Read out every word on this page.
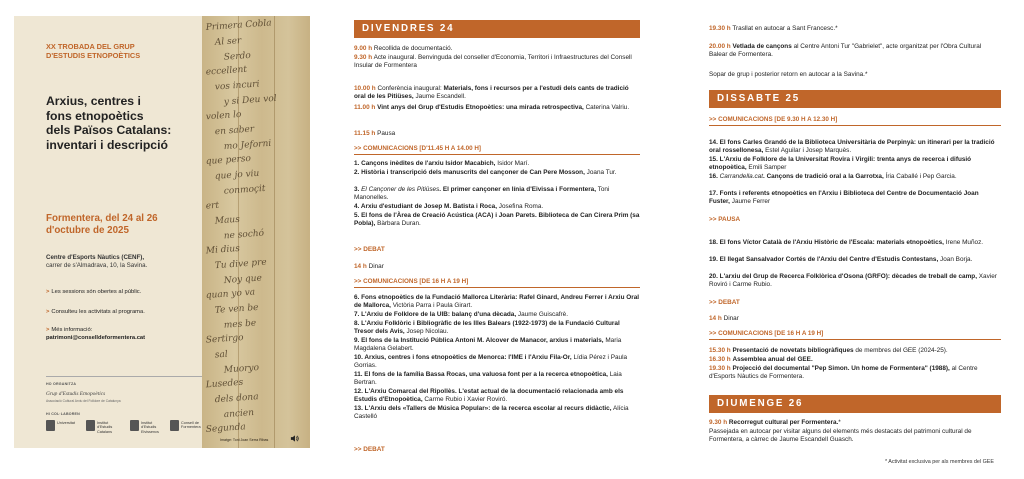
XX TROBADA DEL GRUP
D'ESTUDIS ETNOPOÈTICS
Arxius, centres i
fons etnopoètics
dels Països Catalans:
inventari i descripció
Formentera, del 24 al 26
d'octubre de 2025
Centre d'Esports Nàutics (CENF),
carrer de s'Almadrava, 10, la Savina.
> Les sessions són obertes al públic.
> Consulteu les activitats al programa.
> Més informació:
patrimoni@conselldeformentera.cat
HO ORGANITZA
Grup d'Estudis Etnopoètics
Associació Cultural Arxiu del Folklore de Catalunya
HI COL·LABOREN
Universitat	Institut d'Estudis Catalans
Institut d'Estudis Eivissencs
Consell de Formentera
Primera Cobla
Al ser
Serdo
eccellent
vos incuri
y si Deu vol
volen lo
en saber
mo Jeforni
que perso
que jo viu
conmoçit
ert
Maus
ne sochó
Mi dius
Tu dive pre
Noy que
quan yo va
Te ven be
mes be
Sertirgo
sal
Muoryo
Lusedes
dels dona
ancien
Segunda
Imatge: Toni Joan Serra Ribas
DIVENDRES 24
9.00 h Recollida de documentació.
9.30 h Acte inaugural. Benvinguda del conseller d'Economia, Territori i Infraestructures del Consell Insular de Formentera
10.00 h Conferència inaugural: Materials, fons i recursos per a l'estudi dels cants de tradició oral de les Pitiüses, Jaume Escandell.
11.00 h Vint anys del Grup d'Estudis Etnopoètics: una mirada retrospectiva, Caterina Valriu.
11.15 h Pausa
>> COMUNICACIONS [D'11.45 H A 14.00 H]
1. Cançons inèdites de l'arxiu Isidor Macabich, Isidor Marí.
2. Història i transcripció dels manuscrits del cançoner de Can Pere Mosson, Joana Tur.
3. El Cançoner de les Pitiüses. El primer cançoner en línia d'Eivissa i Formentera, Toni Manonelles.
4. Arxiu d'estudiant de Josep M. Batista i Roca, Josefina Roma.
5. El fons de l'Àrea de Creació Acústica (ACA) i Joan Parets. Biblioteca de Can Cirera Prim (sa Pobla), Bàrbara Duran.
>> DEBAT
14 h Dinar
>> COMUNICACIONS [DE 16 H A 19 H]
6. Fons etnopoètics de la Fundació Mallorca Literària: Rafel Ginard, Andreu Ferrer i Arxiu Oral de Mallorca, Victòria Parra i Paula Girart.
7. L'Arxiu de Folklore de la UIB: balanç d'una dècada, Jaume Guiscafrè.
8. L'Arxiu Folklòric i Bibliogràfic de les Illes Balears (1922-1973) de la Fundació Cultural Tresor dels Avis, Josep Nicolau.
9. El fons de la Institució Pública Antoni M. Alcover de Manacor, arxius i materials, Maria Magdalena Gelabert.
10. Arxius, centres i fons etnopoètics de Menorca: l'IME i l'Arxiu Fila-Or, Lídia Pérez i Paula Gorrias.
11. El fons de la família Bassa Rocas, una valuosa font per a la recerca etnopoètica, Laia Bertran.
12. L'Arxiu Comarcal del Ripollès. L'estat actual de la documentació relacionada amb els Estudis d'Etnopoètica, Carme Rubio i Xavier Roviró.
13. L'Arxiu dels «Tallers de Música Popular»: de la recerca escolar al recurs didàctic, Alícia Castelló
>> DEBAT
19.30 h Trasllat en autocar a Sant Francesc.*
20.00 h Vetlada de cançons al Centre Antoni Tur "Gabrielet", acte organitzat per l'Obra Cultural Balear de Formentera.
Sopar de grup i posterior retorn en autocar a la Savina.*
DISSABTE 25
>> COMUNICACIONS [DE 9.30 H A 12.30 H]
14. El fons Carles Grandó de la Biblioteca Universitària de Perpinyà: un itinerari per la tradició oral rossellonesa, Estel Aguilar i Josep Marquès.
15. L'Arxiu de Folklore de la Universitat Rovira i Virgili: trenta anys de recerca i difusió etnopoètica, Emili Samper
16. Carrandella.cat. Cançons de tradició oral a la Garrotxa, Íria Caballé i Pep Garcia.
17. Fonts i referents etnopoètics en l'Arxiu i Biblioteca del Centre de Documentació Joan Fuster, Jaume Ferrer
>> PAUSA
18. El fons Víctor Català de l'Arxiu Històric de l'Escala: materials etnopoètics, Irene Muñoz.
19. El llegat Sansalvador Cortés de l'Arxiu del Centre d'Estudis Contestans, Joan Borja.
20. L'arxiu del Grup de Recerca Folklòrica d'Osona (GRFO): dècades de treball de camp, Xavier Roviró i Carme Rubio.
>> DEBAT
14 h Dinar
>> COMUNICACIONS [DE 16 H A 19 H]
15.30 h Presentació de novetats bibliogràfiques de membres del GEE (2024-25).
16.30 h Assemblea anual del GEE.
19.30 h Projecció del documental "Pep Simon. Un home de Formentera" (1988), al Centre d'Esports Nàutics de Formentera.
DIUMENGE 26
9.30 h Recorregut cultural per Formentera.*
Passejada en autocar per visitar alguns del elements més destacats del patrimoni cultural de Formentera, a càrrec de Jaume Escandell Guasch.
* Activitat exclusiva per als membres del GEE
